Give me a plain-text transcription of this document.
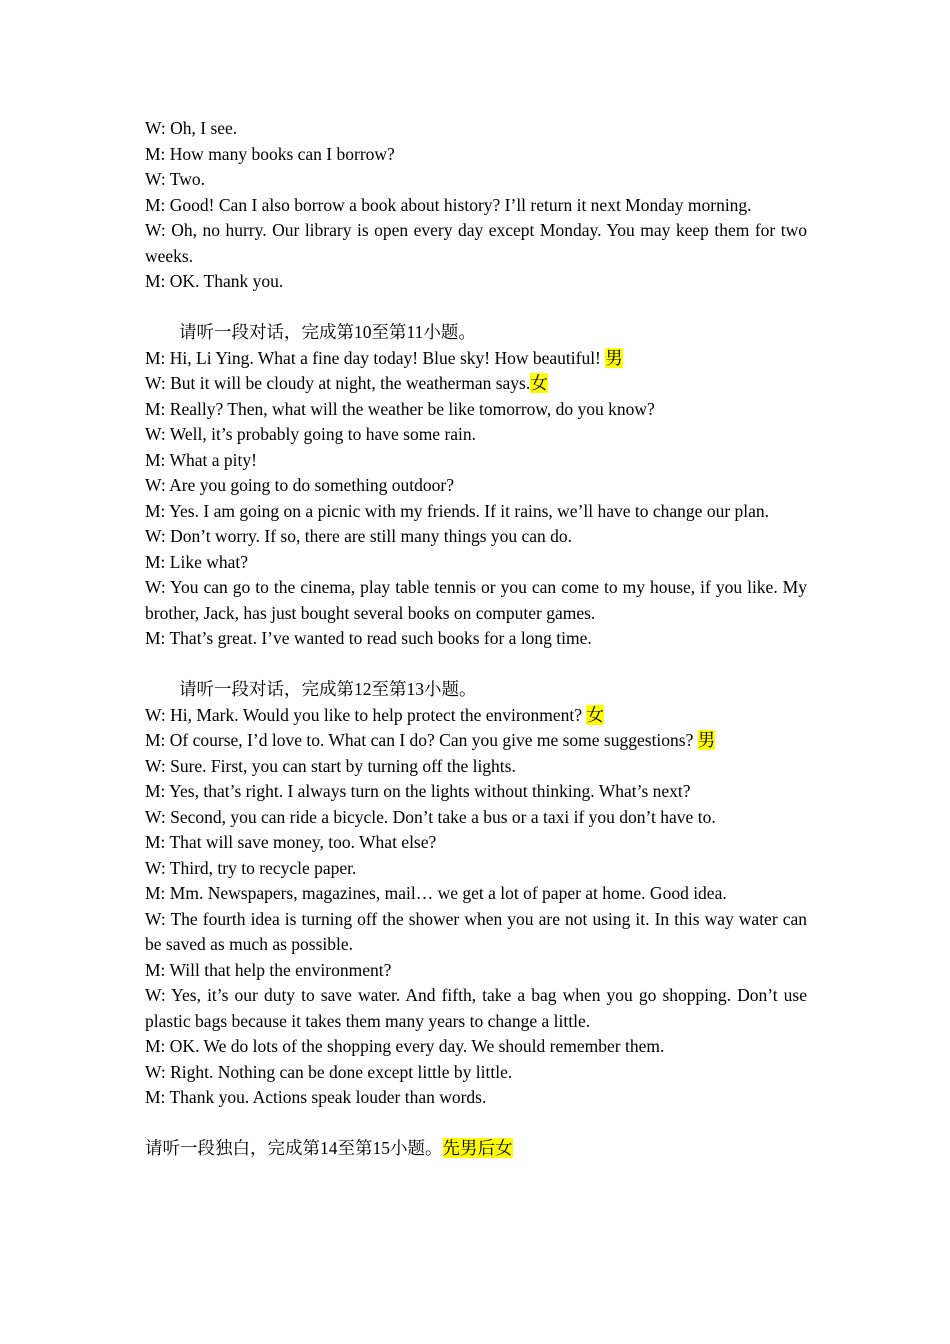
W: Oh, I see.
M: How many books can I borrow?
W: Two.
M: Good! Can I also borrow a book about history? I’ll return it next Monday morning.
W: Oh, no hurry. Our library is open every day except Monday. You may keep them for two weeks.
M: OK. Thank you.
请听一段对话，完成第10至第11小题。
M: Hi, Li Ying. What a fine day today! Blue sky! How beautiful! 男
W: But it will be cloudy at night, the weatherman says.女
M: Really? Then, what will the weather be like tomorrow, do you know?
W: Well, it’s probably going to have some rain.
M: What a pity!
W: Are you going to do something outdoor?
M: Yes. I am going on a picnic with my friends. If it rains, we’ll have to change our plan.
W: Don’t worry. If so, there are still many things you can do.
M: Like what?
W: You can go to the cinema, play table tennis or you can come to my house, if you like. My brother, Jack, has just bought several books on computer games.
M: That’s great. I’ve wanted to read such books for a long time.
请听一段对话，完成第12至第13小题。
W: Hi, Mark. Would you like to help protect the environment? 女
M: Of course, I’d love to. What can I do? Can you give me some suggestions? 男
W: Sure. First, you can start by turning off the lights.
M: Yes, that’s right. I always turn on the lights without thinking. What’s next?
W: Second, you can ride a bicycle. Don’t take a bus or a taxi if you don’t have to.
M: That will save money, too. What else?
W: Third, try to recycle paper.
M: Mm. Newspapers, magazines, mail… we get a lot of paper at home. Good idea.
W: The fourth idea is turning off the shower when you are not using it. In this way water can be saved as much as possible.
M: Will that help the environment?
W: Yes, it’s our duty to save water. And fifth, take a bag when you go shopping. Don’t use plastic bags because it takes them many years to change a little.
M: OK. We do lots of the shopping every day. We should remember them.
W: Right. Nothing can be done except little by little.
M: Thank you. Actions speak louder than words.
请听一段独白，完成第14至第15小题。先男后女
